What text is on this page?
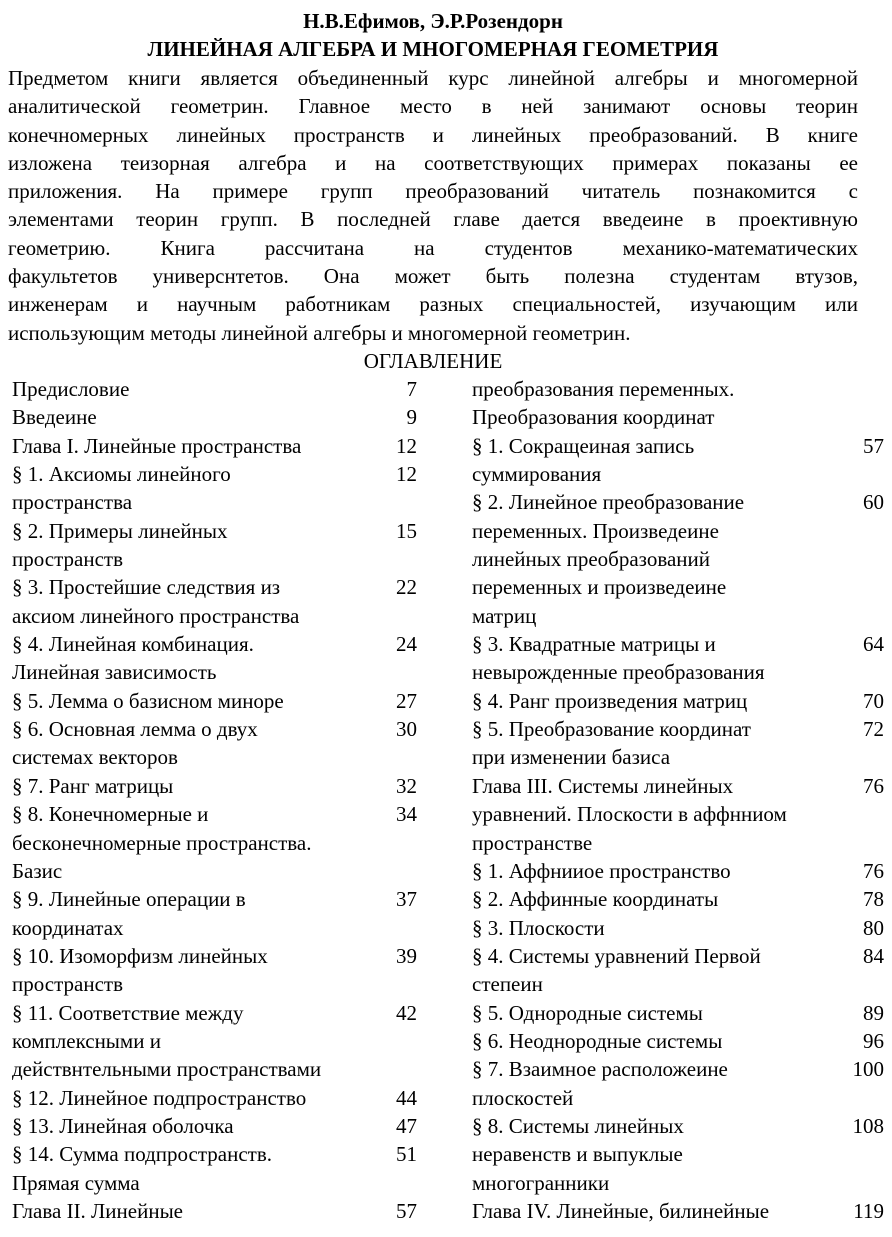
Н.В.Ефимов, Э.Р.Розендорн
ЛИНЕЙНАЯ АЛГЕБРА И МНОГОМЕРНАЯ ГЕОМЕТРИЯ
Предметом книги является объединенный курс линейной алгебры и многомерной
аналитической геометрин. Главное место в ней занимают основы теорин
конечномерных линейных пространств и линейных преобразований. В книге
изложена теизорная алгебра и на соответствующих примерах показаны ее
приложения. На примере групп преобразований читатель познакомится с
элементами теорин групп. В последней главе дается введеине в проективную
геометрию. Книга рассчитана на студентов механико-математических
факультетов универснтетов. Она может быть полезна студентам втузов,
инженерам и научным работникам разных специальностей, изучающим или
использующим методы линейной алгебры и многомерной геометрин.
ОГЛАВЛЕНИЕ
Предисловие	7
Введеине	9
Глава I. Линейные пространства	12
§ 1. Аксиомы линейного	12
пространства
§ 2. Примеры линейных	15
пространств
§ 3. Простейшие следствия из	22
аксиом линейного пространства
§ 4. Линейная комбинация.	24
Линейная зависимость
§ 5. Лемма о базисном миноре	27
§ 6. Основная лемма о двух	30
системах векторов
§ 7. Ранг матрицы	32
§ 8. Конечномерные и	34
бесконечномерные пространства.
Базис
§ 9. Линейные операции в	37
координатах
§ 10. Изоморфизм линейных	39
пространств
§ 11. Соответствие между	42
комплексными и
действнтельными пространствами
§ 12. Линейное подпространство	44
§ 13. Линейная оболочка	47
§ 14. Сумма подпространств.	51
Прямая сумма
Глава II. Линейные	57
преобразования переменных.
Преобразования координат
§ 1. Сокращеиная запись	57
суммирования
§ 2. Линейное преобразование	60
переменных. Произведеине
линейных преобразований
переменных и произведеине
матриц
§ 3. Квадратные матрицы и	64
невырожденные преобразования
§ 4. Ранг произведения матриц	70
§ 5. Преобразование координат	72
при изменении базиса
Глава III. Системы линейных	76
уравнений. Плоскости в аффнниом
пространстве
§ 1. Аффнииое пространство	76
§ 2. Аффинные координаты	78
§ 3. Плоскости	80
§ 4. Системы уравнений Первой	84
степеин
§ 5. Однородные системы	89
§ 6. Неоднородные системы	96
§ 7. Взаимное расположеине	100
плоскостей
§ 8. Системы линейных	108
неравенств и выпуклые
многогранники
Глава IV. Линейные, билинейные	119
